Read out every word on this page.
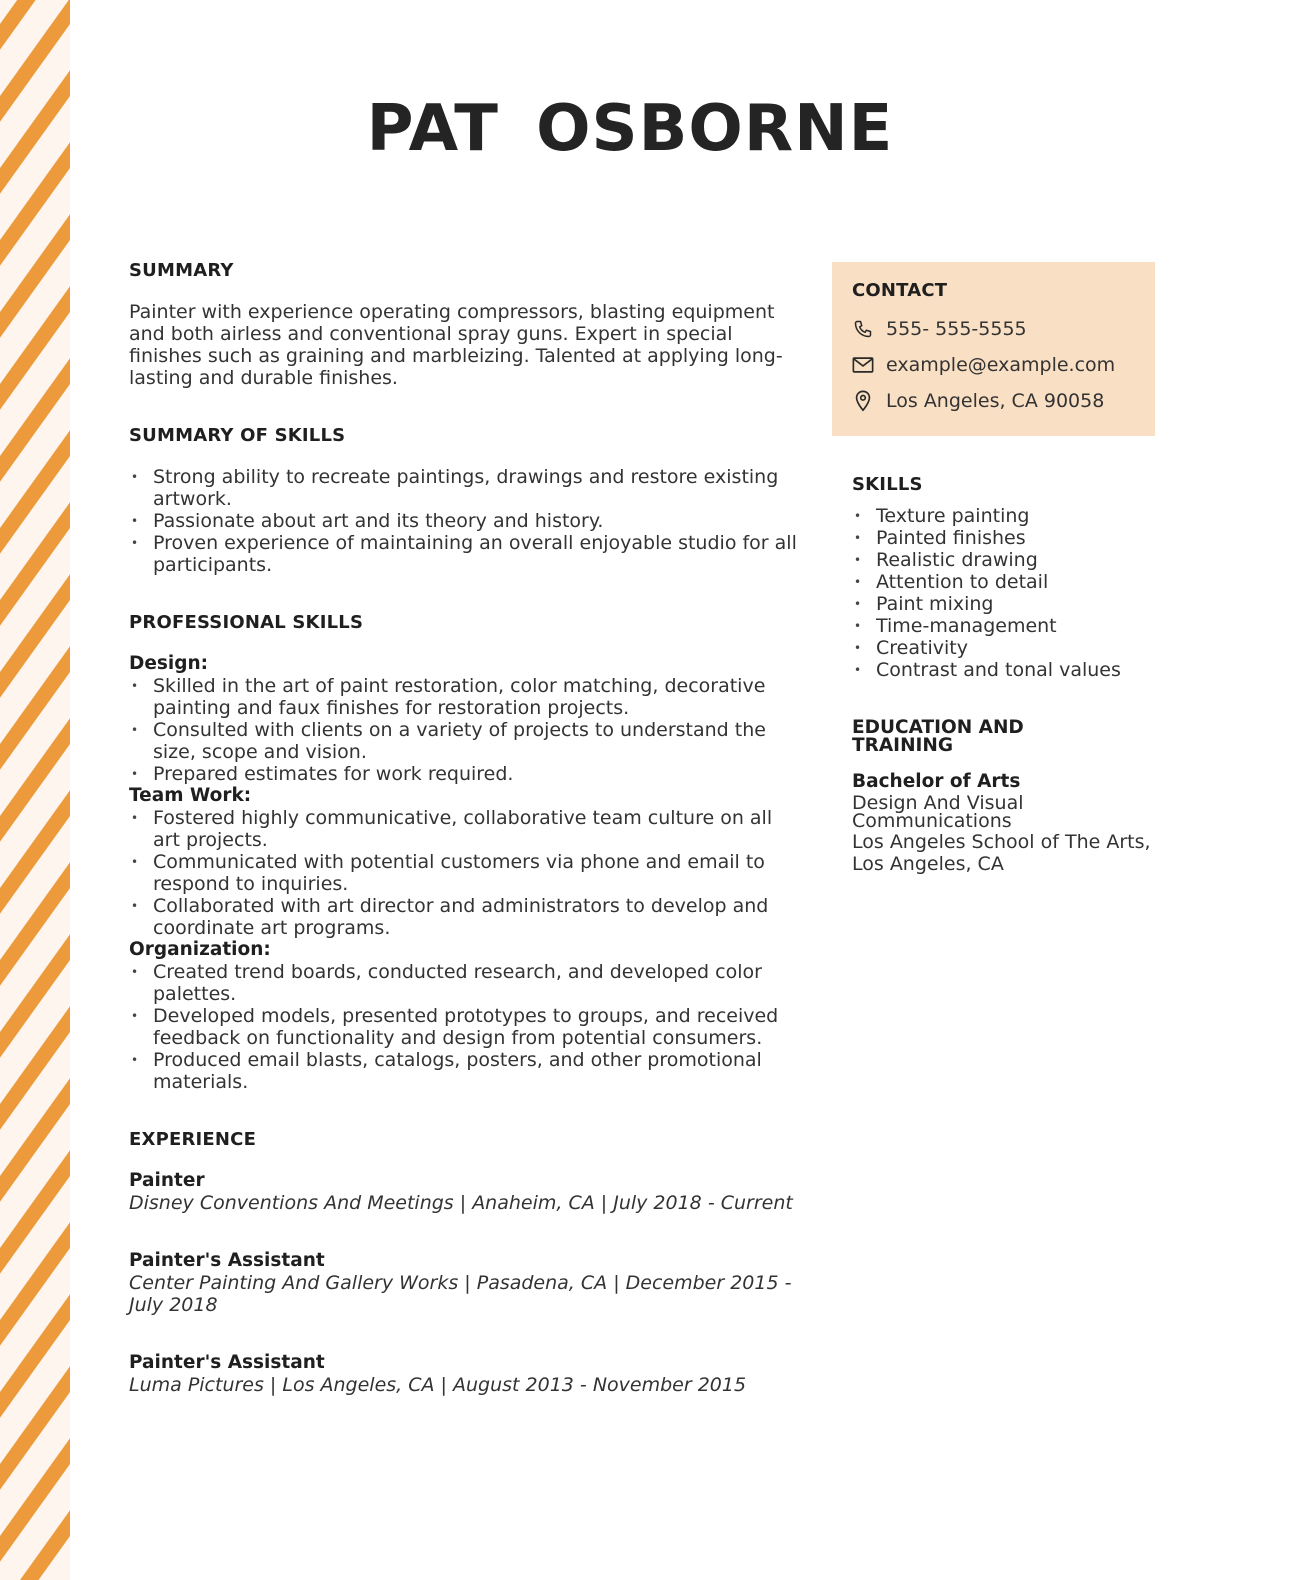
PAT OSBORNE
SUMMARY

Painter with experience operating compressors, blasting equipment and both airless and conventional spray guns. Expert in special finishes such as graining and marbleizing. Talented at applying long-lasting and durable finishes.

SUMMARY OF SKILLS
• Strong ability to recreate paintings, drawings and restore existing artwork.
• Passionate about art and its theory and history.
• Proven experience of maintaining an overall enjoyable studio for all participants.
PROFESSIONAL SKILLS
Design:
• Skilled in the art of paint restoration, color matching, decorative painting and faux finishes for restoration projects.
• Consulted with clients on a variety of projects to understand the size, scope and vision.
• Prepared estimates for work required.
Team Work:
• Fostered highly communicative, collaborative team culture on all art projects.
• Communicated with potential customers via phone and email to respond to inquiries.
• Collaborated with art director and administrators to develop and coordinate art programs.
Organization:
• Created trend boards, conducted research, and developed color palettes.
• Developed models, presented prototypes to groups, and received feedback on functionality and design from potential consumers.
• Produced email blasts, catalogs, posters, and other promotional materials.
EXPERIENCE
Painter
Disney Conventions And Meetings | Anaheim, CA | July 2018 - Current
Painter's Assistant
Center Painting And Gallery Works | Pasadena, CA | December 2015 - July 2018
Painter's Assistant
Luma Pictures | Los Angeles, CA | August 2013 - November 2015
CONTACT
555- 555-5555
example@example.com
Los Angeles, CA 90058
SKILLS
• Texture painting
• Painted finishes
• Realistic drawing
• Attention to detail
• Paint mixing
• Time-management
• Creativity
• Contrast and tonal values
EDUCATION AND
TRAINING
Bachelor of Arts
Design And Visual
Communications
Los Angeles School of The Arts,
Los Angeles, CA
